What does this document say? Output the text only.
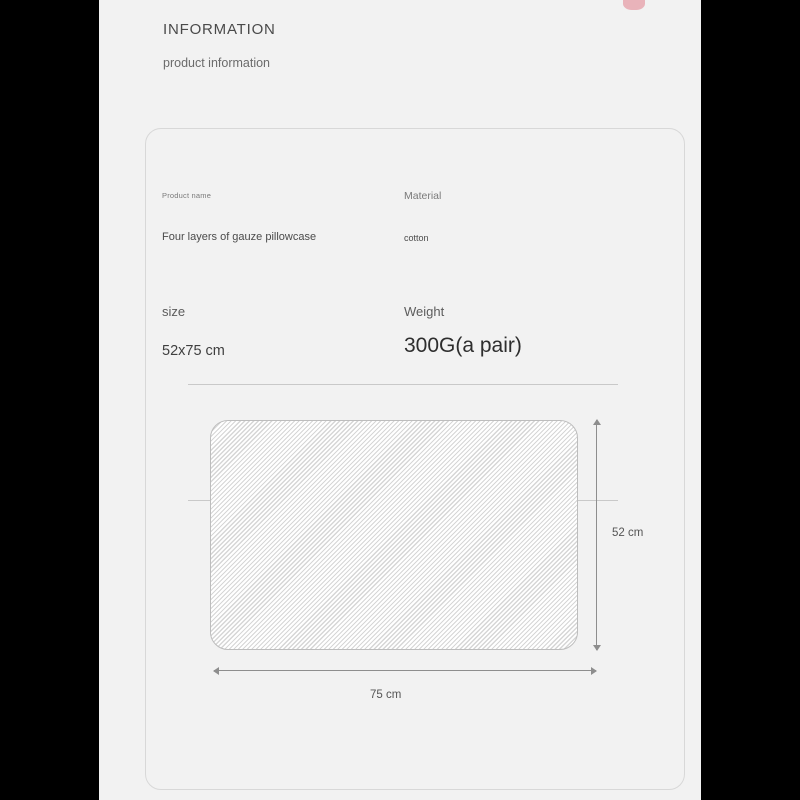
INFORMATION
product information
Product name	Material
Four layers of gauze pillowcase	cotton
size	Weight
52x75 cm	300G(a pair)
52 cm
75 cm
